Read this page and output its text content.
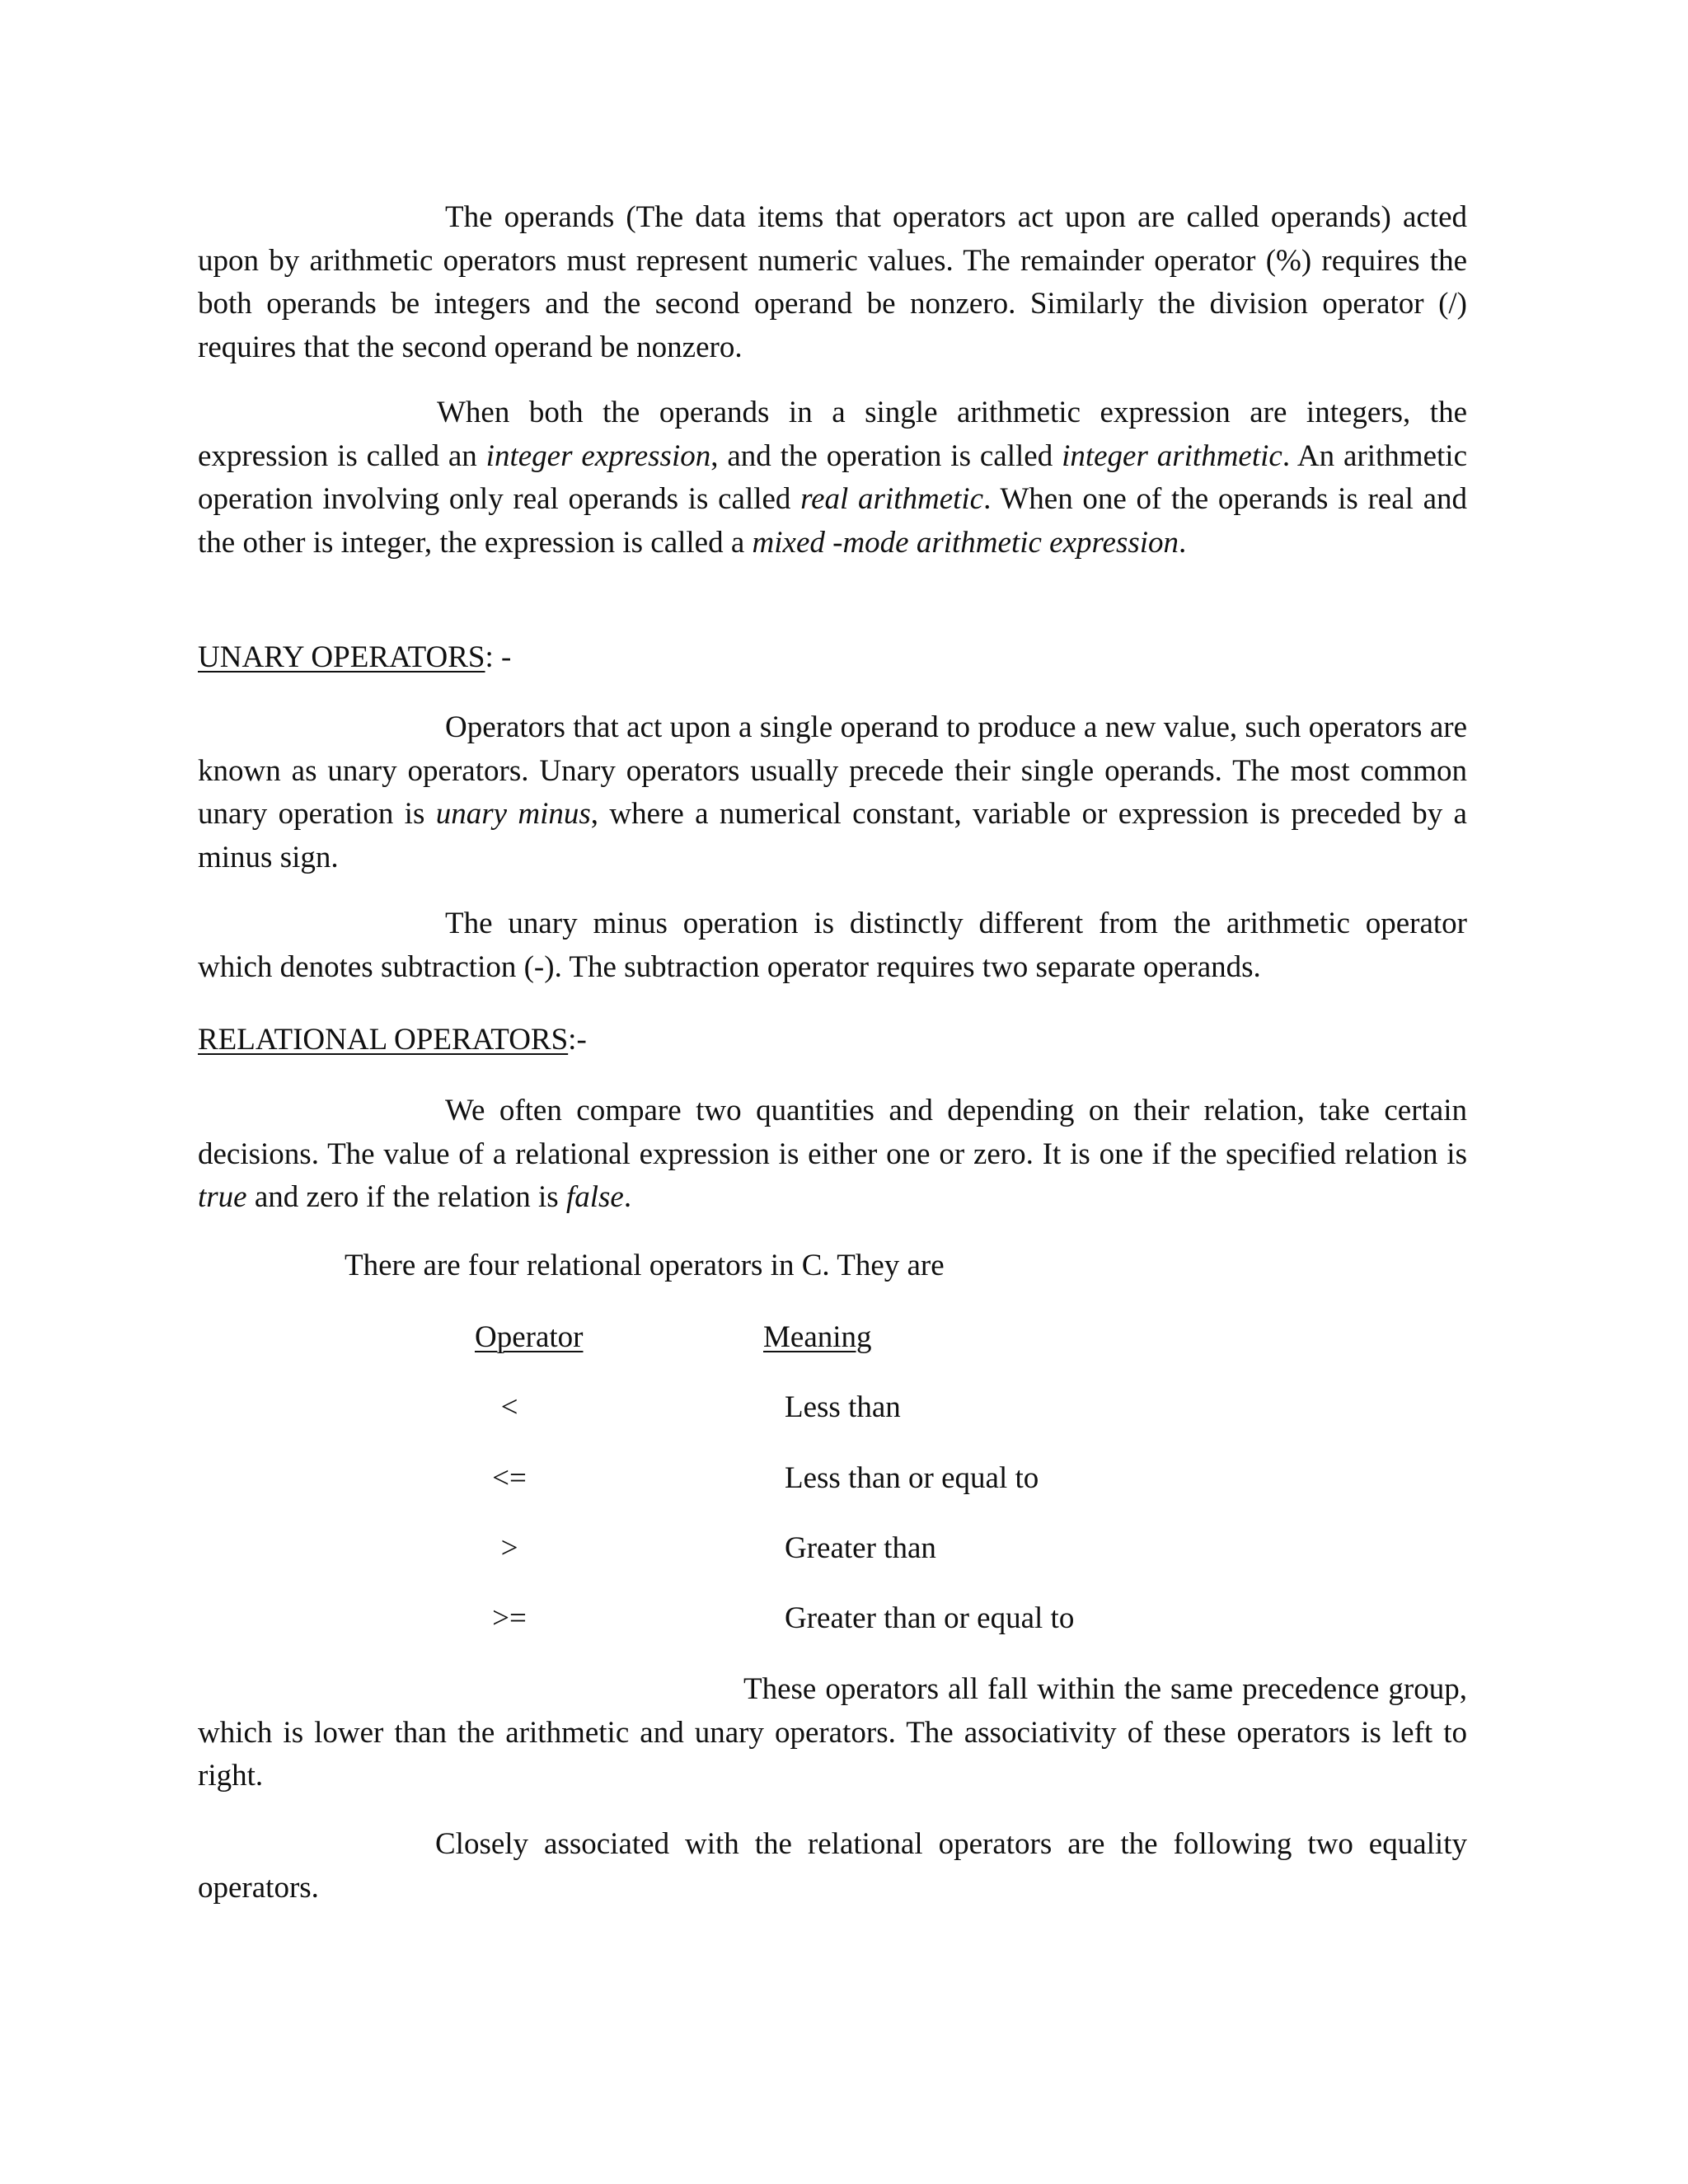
The operands (The data items that operators act upon are called operands) acted upon by arithmetic operators must represent numeric values. The remainder operator (%) requires the both operands be integers and the second operand be nonzero. Similarly the division operator (/) requires that the second operand be nonzero.

When both the operands in a single arithmetic expression are integers, the expression is called an integer expression, and the operation is called integer arithmetic. An arithmetic operation involving only real operands is called real arithmetic. When one of the operands is real and the other is integer, the expression is called a mixed -mode arithmetic expression.

UNARY OPERATORS: -

Operators that act upon a single operand to produce a new value, such operators are known as unary operators. Unary operators usually precede their single operands. The most common unary operation is unary minus, where a numerical constant, variable or expression is preceded by a minus sign.

The unary minus operation is distinctly different from the arithmetic operator which denotes subtraction (-). The subtraction operator requires two separate operands.

RELATIONAL OPERATORS:-

We often compare two quantities and depending on their relation, take certain decisions. The value of a relational expression is either one or zero. It is one if the specified relation is true and zero if the relation is false.

There are four relational operators in C. They are

Operator	Meaning
<	Less than
<=	Less than or equal to
>	Greater than
>=	Greater than or equal to

These operators all fall within the same precedence group, which is lower than the arithmetic and unary operators. The associativity of these operators is left to right.

Closely associated with the relational operators are the following two equality operators.
